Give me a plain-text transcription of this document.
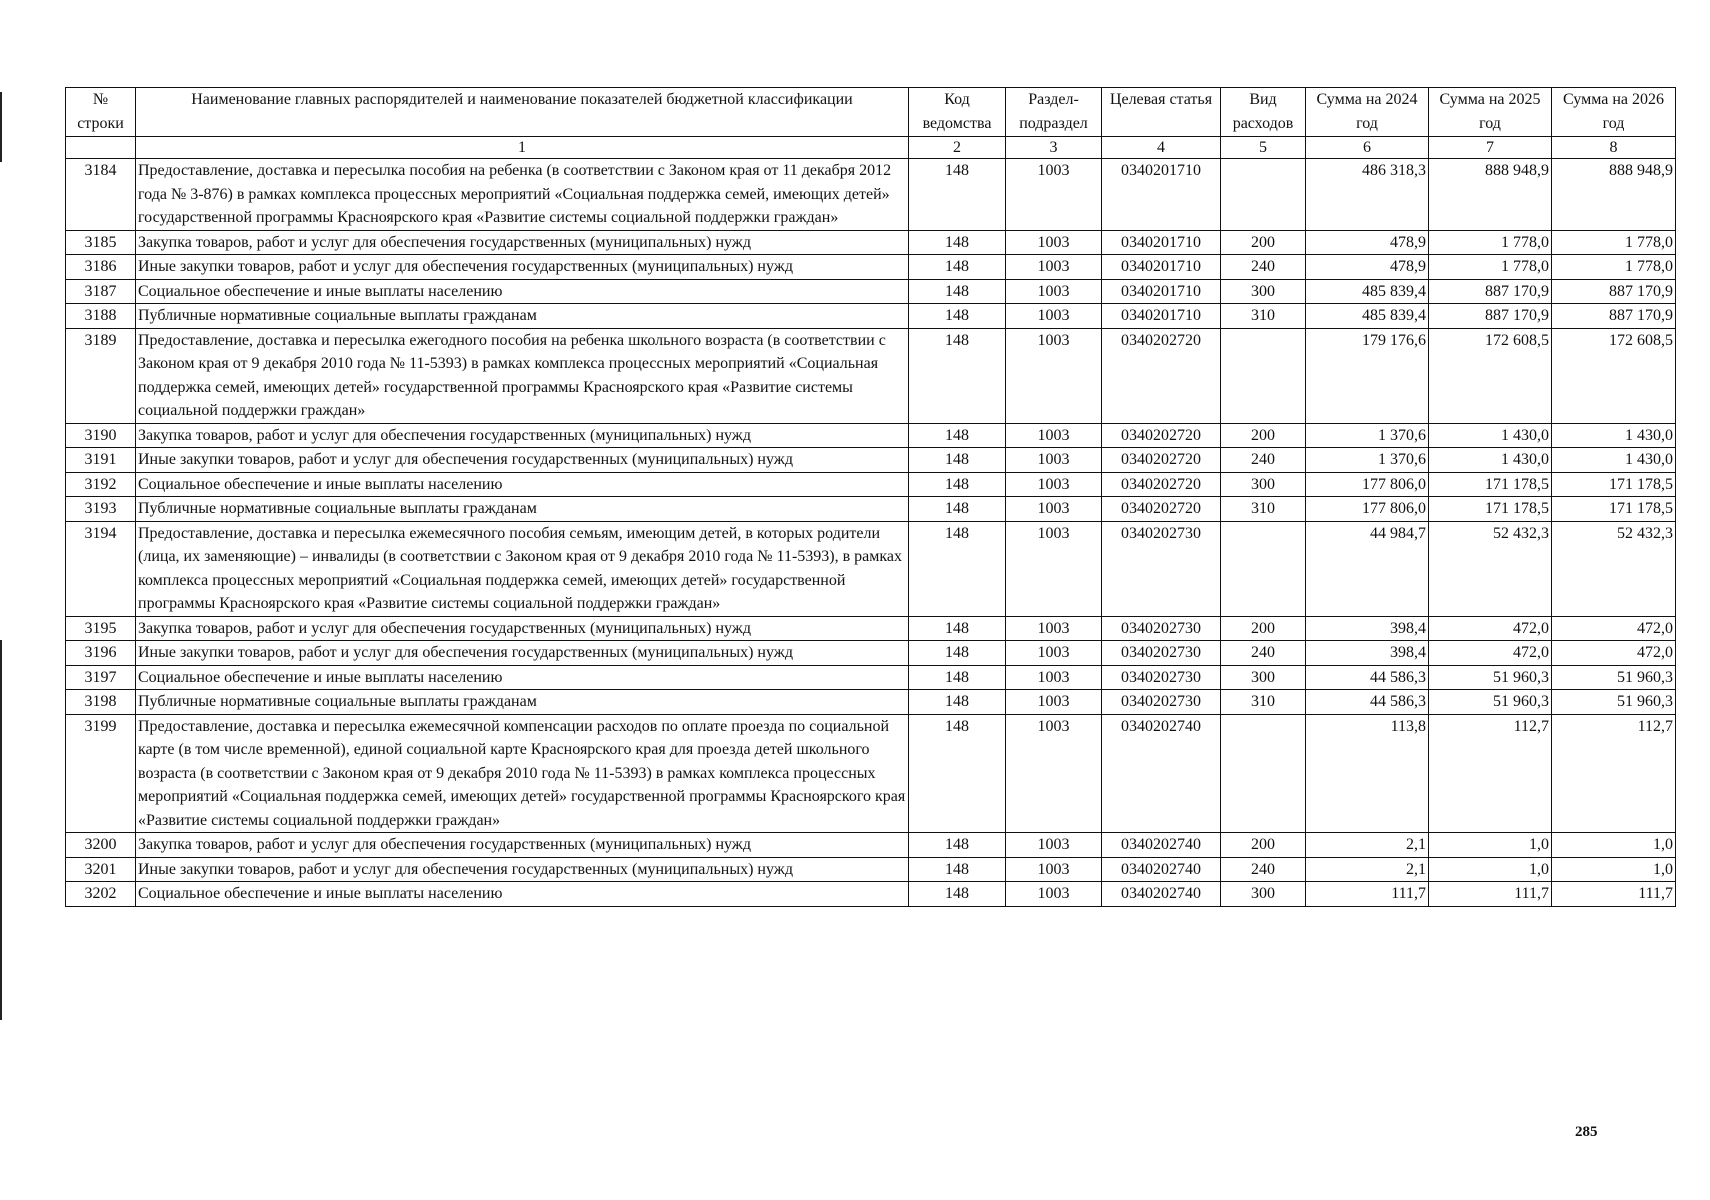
№ строки	Наименование главных распорядителей и наименование показателей бюджетной классификации	Код ведомства	Раздел- подраздел	Целевая статья	Вид расходов	Сумма на 2024 год	Сумма на 2025 год	Сумма на 2026 год
	1	2	3	4	5	6	7	8
3184	Предоставление, доставка и пересылка пособия на ребенка (в соответствии с Законом края от 11 декабря 2012 года № 3-876) в рамках комплекса процессных мероприятий «Социальная поддержка семей, имеющих детей» государственной программы Красноярского края «Развитие системы социальной поддержки граждан»	148	1003	0340201710		486 318,3	888 948,9	888 948,9
3185	Закупка товаров, работ и услуг для обеспечения государственных (муниципальных) нужд	148	1003	0340201710	200	478,9	1 778,0	1 778,0
3186	Иные закупки товаров, работ и услуг для обеспечения государственных (муниципальных) нужд	148	1003	0340201710	240	478,9	1 778,0	1 778,0
3187	Социальное обеспечение и иные выплаты населению	148	1003	0340201710	300	485 839,4	887 170,9	887 170,9
3188	Публичные нормативные социальные выплаты гражданам	148	1003	0340201710	310	485 839,4	887 170,9	887 170,9
3189	Предоставление, доставка и пересылка ежегодного пособия на ребенка школьного возраста (в соответствии с Законом края от 9 декабря 2010 года № 11-5393) в рамках комплекса процессных мероприятий «Социальная поддержка семей, имеющих детей» государственной программы Красноярского края «Развитие системы социальной поддержки граждан»	148	1003	0340202720		179 176,6	172 608,5	172 608,5
3190	Закупка товаров, работ и услуг для обеспечения государственных (муниципальных) нужд	148	1003	0340202720	200	1 370,6	1 430,0	1 430,0
3191	Иные закупки товаров, работ и услуг для обеспечения государственных (муниципальных) нужд	148	1003	0340202720	240	1 370,6	1 430,0	1 430,0
3192	Социальное обеспечение и иные выплаты населению	148	1003	0340202720	300	177 806,0	171 178,5	171 178,5
3193	Публичные нормативные социальные выплаты гражданам	148	1003	0340202720	310	177 806,0	171 178,5	171 178,5
3194	Предоставление, доставка и пересылка ежемесячного пособия семьям, имеющим детей, в которых родители (лица, их заменяющие) – инвалиды (в соответствии с Законом края от 9 декабря 2010 года № 11-5393), в рамках комплекса процессных мероприятий «Социальная поддержка семей, имеющих детей» государственной программы Красноярского края «Развитие системы социальной поддержки граждан»	148	1003	0340202730		44 984,7	52 432,3	52 432,3
3195	Закупка товаров, работ и услуг для обеспечения государственных (муниципальных) нужд	148	1003	0340202730	200	398,4	472,0	472,0
3196	Иные закупки товаров, работ и услуг для обеспечения государственных (муниципальных) нужд	148	1003	0340202730	240	398,4	472,0	472,0
3197	Социальное обеспечение и иные выплаты населению	148	1003	0340202730	300	44 586,3	51 960,3	51 960,3
3198	Публичные нормативные социальные выплаты гражданам	148	1003	0340202730	310	44 586,3	51 960,3	51 960,3
3199	Предоставление, доставка и пересылка ежемесячной компенсации расходов по оплате проезда по социальной карте (в том числе временной), единой социальной карте Красноярского края для проезда детей школьного возраста (в соответствии с Законом края от 9 декабря 2010 года № 11-5393) в рамках комплекса процессных мероприятий «Социальная поддержка семей, имеющих детей» государственной программы Красноярского края «Развитие системы социальной поддержки граждан»	148	1003	0340202740		113,8	112,7	112,7
3200	Закупка товаров, работ и услуг для обеспечения государственных (муниципальных) нужд	148	1003	0340202740	200	2,1	1,0	1,0
3201	Иные закупки товаров, работ и услуг для обеспечения государственных (муниципальных) нужд	148	1003	0340202740	240	2,1	1,0	1,0
3202	Социальное обеспечение и иные выплаты населению	148	1003	0340202740	300	111,7	111,7	111,7
285
